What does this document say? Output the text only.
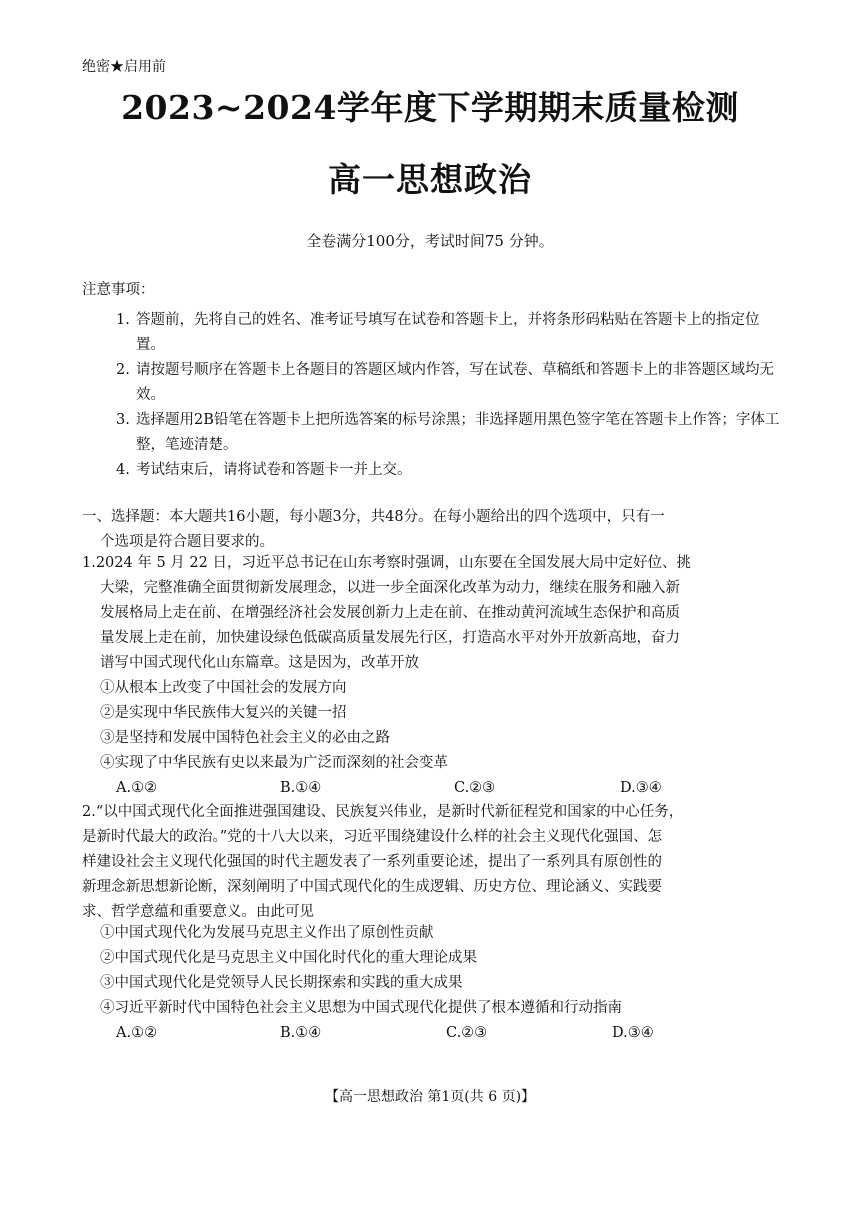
绝密★启用前
2023~2024学年度下学期期末质量检测
高一思想政治
全卷满分100分，考试时间75 分钟。
注意事项：
1. 答题前，先将自己的姓名、准考证号填写在试卷和答题卡上，并将条形码粘贴在答题卡上的指定位置。
2. 请按题号顺序在答题卡上各题目的答题区域内作答，写在试卷、草稿纸和答题卡上的非答题区域均无效。
3. 选择题用2B铅笔在答题卡上把所选答案的标号涂黑；非选择题用黑色签字笔在答题卡上作答；字体工整，笔迹清楚。
4. 考试结束后，请将试卷和答题卡一并上交。
一、选择题：本大题共16小题，每小题3分，共48分。在每小题给出的四个选项中，只有一
个选项是符合题目要求的。
1.2024 年 5 月 22 日，习近平总书记在山东考察时强调，山东要在全国发展大局中定好位、挑
大梁，完整准确全面贯彻新发展理念，以进一步全面深化改革为动力，继续在服务和融入新
发展格局上走在前、在增强经济社会发展创新力上走在前、在推动黄河流域生态保护和高质
量发展上走在前，加快建设绿色低碳高质量发展先行区，打造高水平对外开放新高地，奋力
谱写中国式现代化山东篇章。这是因为，改革开放
①从根本上改变了中国社会的发展方向
②是实现中华民族伟大复兴的关键一招
③是坚持和发展中国特色社会主义的必由之路
④实现了中华民族有史以来最为广泛而深刻的社会变革
A.①②	B.①④	C.②③	D.③④
2.“以中国式现代化全面推进强国建设、民族复兴伟业，是新时代新征程党和国家的中心任务，
是新时代最大的政治。”党的十八大以来，习近平围绕建设什么样的社会主义现代化强国、怎
样建设社会主义现代化强国的时代主题发表了一系列重要论述，提出了一系列具有原创性的
新理念新思想新论断，深刻阐明了中国式现代化的生成逻辑、历史方位、理论涵义、实践要
求、哲学意蕴和重要意义。由此可见
①中国式现代化为发展马克思主义作出了原创性贡献
②中国式现代化是马克思主义中国化时代化的重大理论成果
③中国式现代化是党领导人民长期探索和实践的重大成果
④习近平新时代中国特色社会主义思想为中国式现代化提供了根本遵循和行动指南
A.①②	B.①④	C.②③	D.③④
【高一思想政治 第1页(共 6 页)】
